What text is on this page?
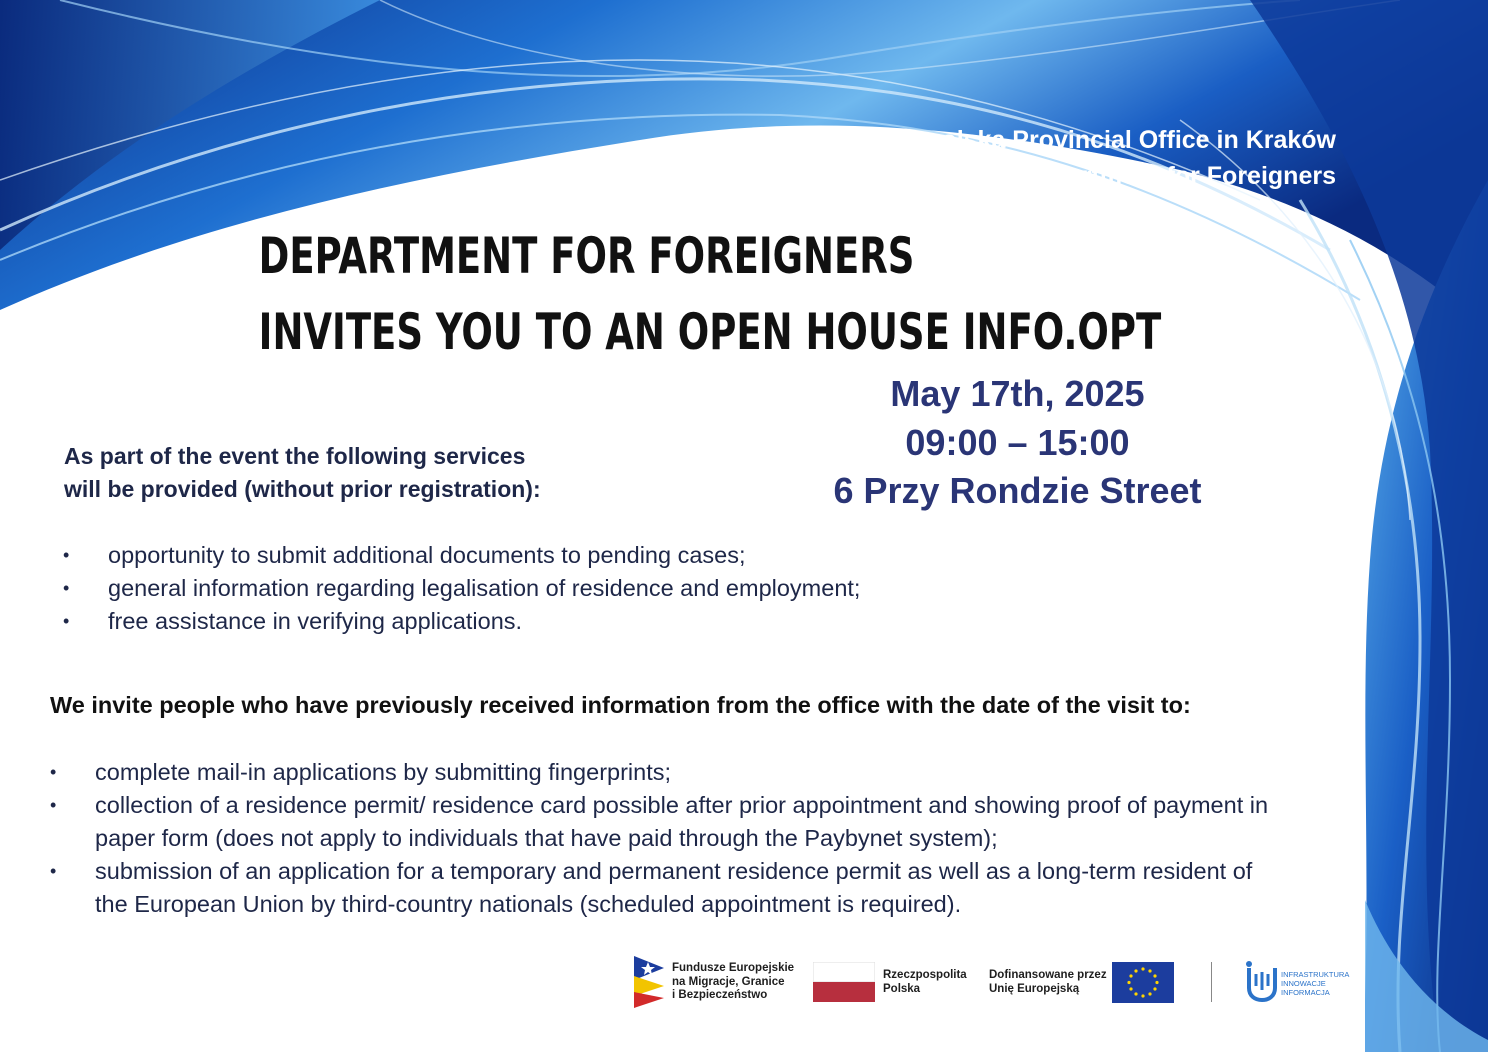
Malopolska Provincial Office in Kraków
Department for Foreigners
DEPARTMENT FOR FOREIGNERS
INVITES YOU TO AN OPEN HOUSE INFO.OPT
May 17th, 2025
09:00 – 15:00
6 Przy Rondzie Street
As part of the event the following services
will be provided (without prior registration):
• opportunity to submit additional documents to pending cases;
• general information regarding legalisation of residence and employment;
• free assistance in verifying applications.
We invite people who have previously received information from the office with the date of the visit to:
• complete mail-in applications by submitting fingerprints;
• collection of a residence permit/ residence card possible after prior appointment and showing proof of payment in paper form (does not apply to individuals that have paid through the Paybynet system);
• submission of an application for a temporary and permanent residence permit as well as a long-term resident of the European Union by third-country nationals (scheduled appointment is required).
Fundusze Europejskie
na Migracje, Granice
i Bezpieczeństwo
Rzeczpospolita
Polska
Dofinansowane przez
Unię Europejską
INFRASTRUKTURA
INNOWACJE
INFORMACJA
